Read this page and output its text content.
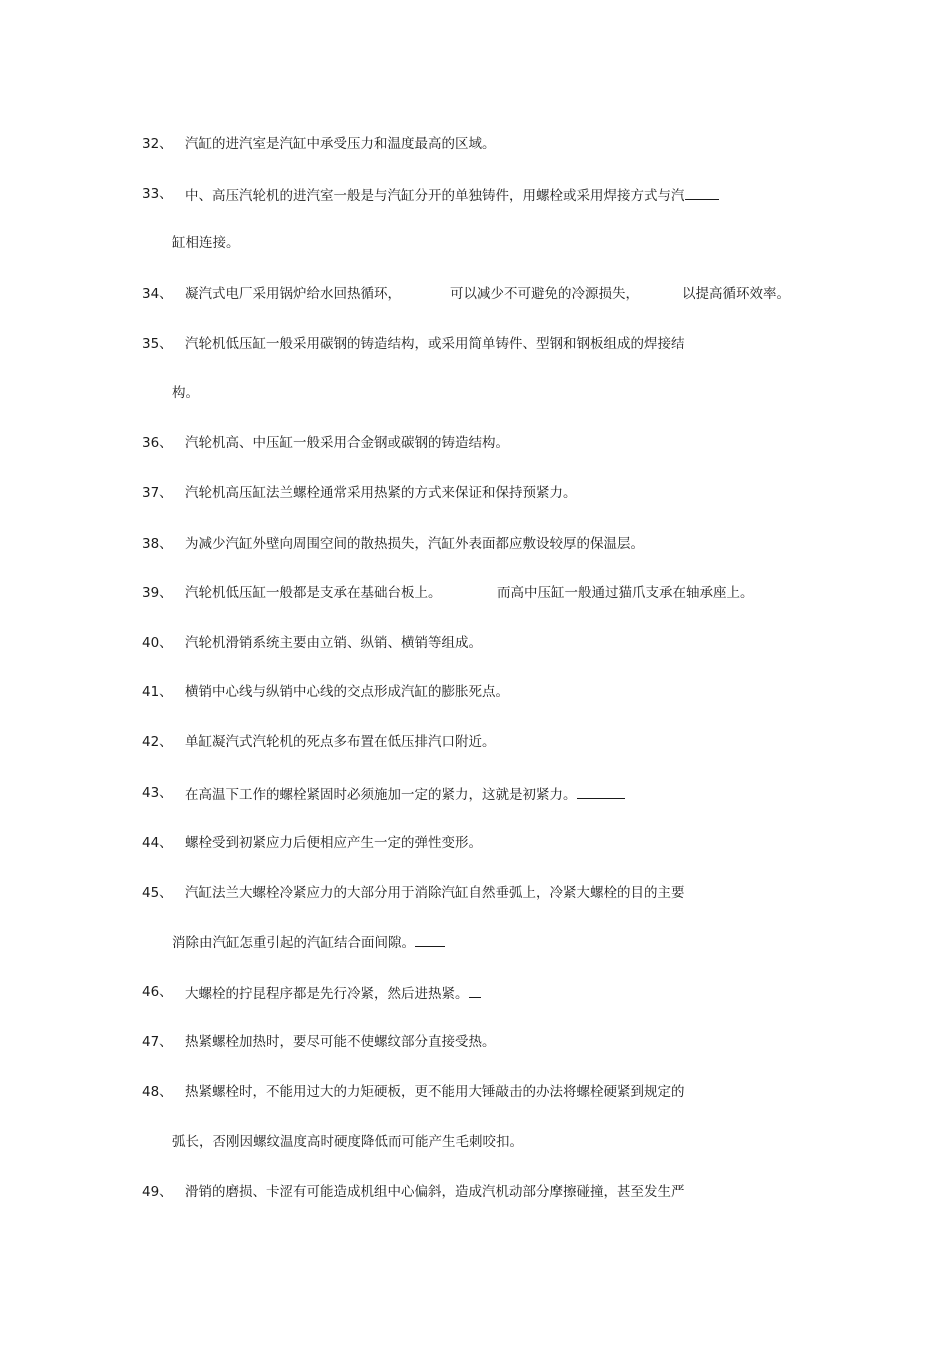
32、 汽缸的进汽室是汽缸中承受压力和温度最高的区域。
33、 中、高压汽轮机的进汽室一般是与汽缸分开的单独铸件，用螺栓或采用焊接方式与汽
缸相连接。
34、 凝汽式电厂采用锅炉给水回热循环，	可以减少不可避免的冷源损失，	以提高循环效率。
35、 汽轮机低压缸一般采用碳钢的铸造结构，或采用简单铸件、型钢和钢板组成的焊接结
构。
36、 汽轮机高、中压缸一般采用合金钢或碳钢的铸造结构。
37、 汽轮机高压缸法兰螺栓通常采用热紧的方式来保证和保持预紧力。
38、 为减少汽缸外壁向周围空间的散热损失，汽缸外表面都应敷设较厚的保温层。
39、 汽轮机低压缸一般都是支承在基础台板上。	而高中压缸一般通过猫爪支承在轴承座上。
40、 汽轮机滑销系统主要由立销、纵销、横销等组成。
41、 横销中心线与纵销中心线的交点形成汽缸的膨胀死点。
42、 单缸凝汽式汽轮机的死点多布置在低压排汽口附近。
43、 在高温下工作的螺栓紧固时必须施加一定的紧力，这就是初紧力。
44、 螺栓受到初紧应力后便相应产生一定的弹性变形。
45、 汽缸法兰大螺栓冷紧应力的大部分用于消除汽缸自然垂弧上，冷紧大螺栓的目的主要
消除由汽缸怎重引起的汽缸结合面间隙。
46、 大螺栓的拧昆程序都是先行冷紧，然后进热紧。
47、 热紧螺栓加热时，要尽可能不使螺纹部分直接受热。
48、 热紧螺栓时，不能用过大的力矩硬板，更不能用大锤敲击的办法将螺栓硬紧到规定的
弧长，否刚因螺纹温度高时硬度降低而可能产生毛刺咬扣。
49、 滑销的磨损、卡涩有可能造成机组中心偏斜，造成汽机动部分摩擦碰撞，甚至发生严
